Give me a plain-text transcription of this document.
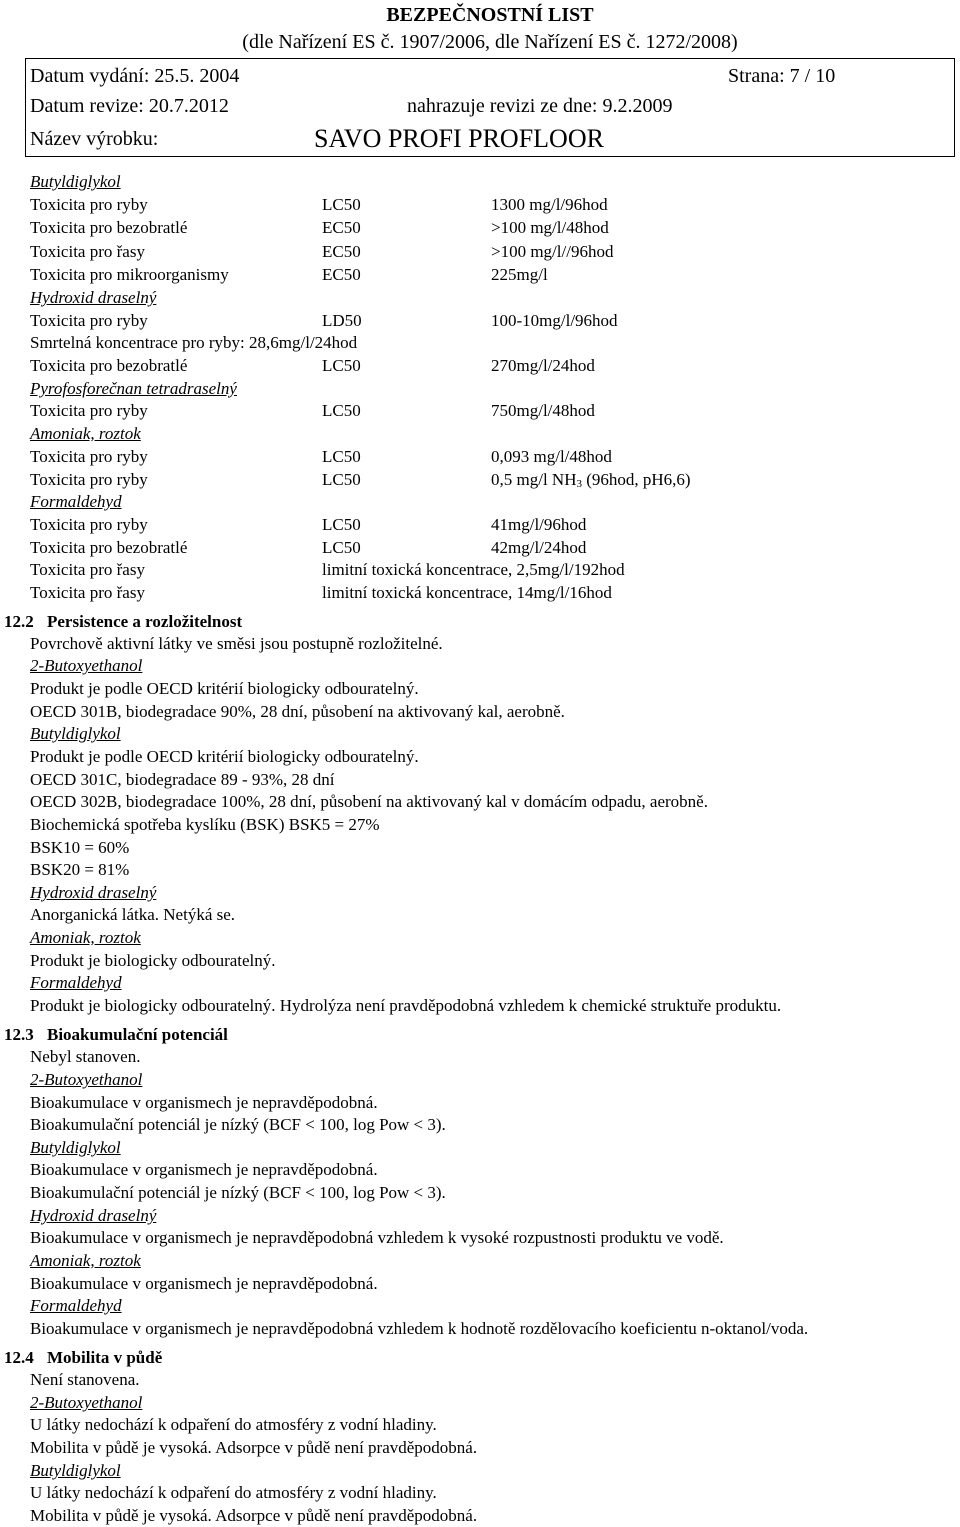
BEZPEČNOSTNÍ LIST
(dle Nařízení ES č. 1907/2006, dle Nařízení ES č. 1272/2008)
Datum vydání: 25.5. 2004	Strana: 7 / 10
Datum revize: 20.7.2012	nahrazuje revizi ze dne: 9.2.2009
Název výrobku:	SAVO PROFI PROFLOOR
Butyldiglykol
Toxicita pro ryby	LC50	1300 mg/l/96hod
Toxicita pro bezobratlé	EC50	>100 mg/l/48hod
Toxicita pro řasy	EC50	>100 mg/l//96hod
Toxicita pro mikroorganismy	EC50	225mg/l
Hydroxid draselný
Toxicita pro ryby	LD50	100-10mg/l/96hod
Smrtelná koncentrace pro ryby: 28,6mg/l/24hod
Toxicita pro bezobratlé	LC50	270mg/l/24hod
Pyrofosforečnan tetradraselný
Toxicita pro ryby	LC50	750mg/l/48hod
Amoniak, roztok
Toxicita pro ryby	LC50	0,093 mg/l/48hod
Toxicita pro ryby	LC50	0,5 mg/l $NH_3$ (96hod, pH6,6)
Formaldehyd
Toxicita pro ryby	LC50	41mg/l/96hod
Toxicita pro bezobratlé	LC50	42mg/l/24hod
Toxicita pro řasy	limitní toxická koncentrace, 2,5mg/l/192hod
Toxicita pro řasy	limitní toxická koncentrace, 14mg/l/16hod
12.2 Persistence a rozložitelnost
Povrchově aktivní látky ve směsi jsou postupně rozložitelné.
2-Butoxyethanol
Produkt je podle OECD kritérií biologicky odbouratelný.
OECD 301B, biodegradace 90%, 28 dní, působení na aktivovaný kal, aerobně.
Butyldiglykol
Produkt je podle OECD kritérií biologicky odbouratelný.
OECD 301C, biodegradace 89 - 93%, 28 dní
OECD 302B, biodegradace 100%, 28 dní, působení na aktivovaný kal v domácím odpadu, aerobně.
Biochemická spotřeba kyslíku (BSK) BSK5 = 27%
BSK10 = 60%
BSK20 = 81%
Hydroxid draselný
Anorganická látka. Netýká se.
Amoniak, roztok
Produkt je biologicky odbouratelný.
Formaldehyd
Produkt je biologicky odbouratelný. Hydrolýza není pravděpodobná vzhledem k chemické struktuře produktu.
12.3 Bioakumulační potenciál
Nebyl stanoven.
2-Butoxyethanol
Bioakumulace v organismech je nepravděpodobná.
Bioakumulační potenciál je nízký (BCF < 100, log Pow < 3).
Butyldiglykol
Bioakumulace v organismech je nepravděpodobná.
Bioakumulační potenciál je nízký (BCF < 100, log Pow < 3).
Hydroxid draselný
Bioakumulace v organismech je nepravděpodobná vzhledem k vysoké rozpustnosti produktu ve vodě.
Amoniak, roztok
Bioakumulace v organismech je nepravděpodobná.
Formaldehyd
Bioakumulace v organismech je nepravděpodobná vzhledem k hodnotě rozdělovacího koeficientu n-oktanol/voda.
12.4 Mobilita v půdě
Není stanovena.
2-Butoxyethanol
U látky nedochází k odpaření do atmosféry z vodní hladiny.
Mobilita v půdě je vysoká. Adsorpce v půdě není pravděpodobná.
Butyldiglykol
U látky nedochází k odpaření do atmosféry z vodní hladiny.
Mobilita v půdě je vysoká. Adsorpce v půdě není pravděpodobná.
